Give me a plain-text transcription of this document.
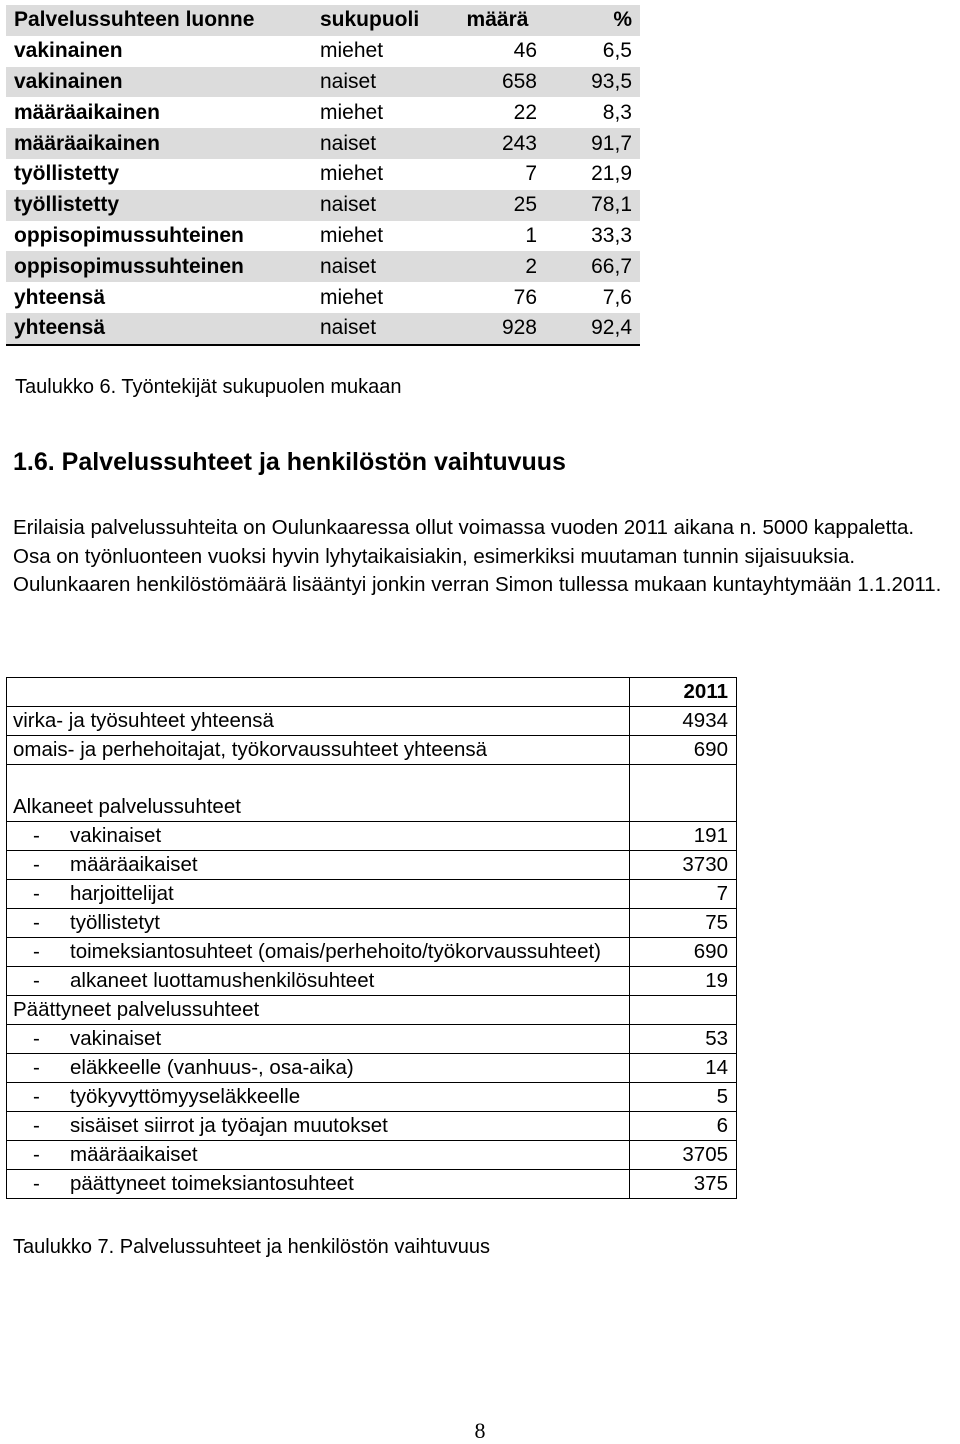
Palvelussuhteen luonne	sukupuoli	määrä	%
vakinainen	miehet	46	6,5
vakinainen	naiset	658	93,5
määräaikainen	miehet	22	8,3
määräaikainen	naiset	243	91,7
työllistetty	miehet	7	21,9
työllistetty	naiset	25	78,1
oppisopimussuhteinen	miehet	1	33,3
oppisopimussuhteinen	naiset	2	66,7
yhteensä	miehet	76	7,6
yhteensä	naiset	928	92,4
Taulukko 6. Työntekijät sukupuolen mukaan
1.6. Palvelussuhteet ja henkilöstön vaihtuvuus

Erilaisia palvelussuhteita on Oulunkaaressa ollut voimassa vuoden 2011 aikana n. 5000 kappaletta. Osa on työnluonteen vuoksi hyvin lyhytaikaisiakin, esimerkiksi muutaman tunnin sijaisuuksia. Oulunkaaren henkilöstömäärä lisääntyi jonkin verran Simon tullessa mukaan kuntayhtymään 1.1.2011.

	2011
virka- ja työsuhteet yhteensä	4934
omais- ja perhehoitajat, työkorvaussuhteet yhteensä	690

Alkaneet palvelussuhteet	

- vakinaiset	191

- määräaikaiset	3730

- harjoittelijat	7

- työllistetyt	75

- toimeksiantosuhteet (omais/perhehoito/työkorvaussuhteet)	690

- alkaneet luottamushenkilösuhteet	19
Päättyneet palvelussuhteet	

- vakinaiset	53

- eläkkeelle (vanhuus-, osa-aika)	14

- työkyvyttömyyseläkkeelle	5

- sisäiset siirrot ja työajan muutokset	6

- määräaikaiset	3705

- päättyneet toimeksiantosuhteet	375
Taulukko 7. Palvelussuhteet ja henkilöstön vaihtuvuus
8
